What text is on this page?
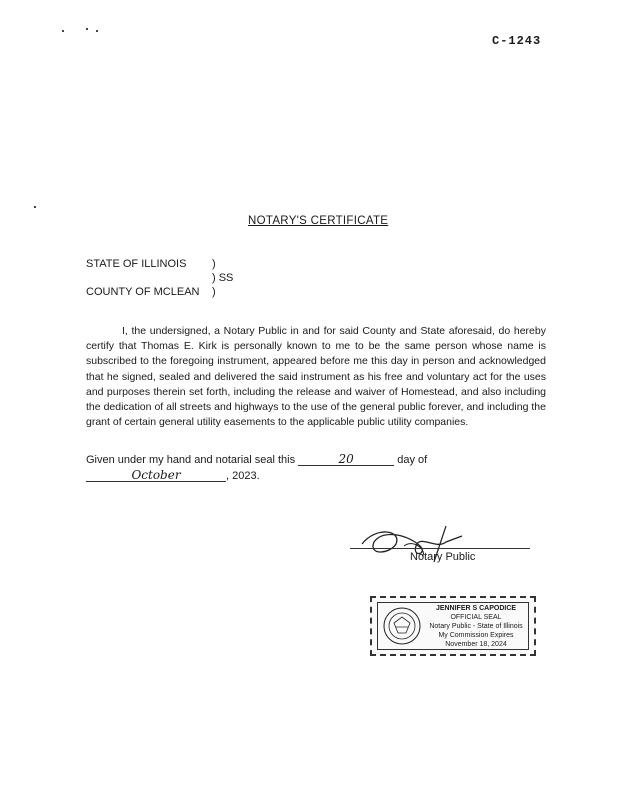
C-1243
NOTARY'S CERTIFICATE
STATE OF ILLINOIS )
) SS
COUNTY OF MCLEAN )
I, the undersigned, a Notary Public in and for said County and State aforesaid, do hereby certify that Thomas E. Kirk is personally known to me to be the same person whose name is subscribed to the foregoing instrument, appeared before me this day in person and acknowledged that he signed, sealed and delivered the said instrument as his free and voluntary act for the uses and purposes therein set forth, including the release and waiver of Homestead, and also including the dedication of all streets and highways to the use of the general public forever, and including the grant of certain general utility easements to the applicable public utility companies.
Given under my hand and notarial seal this	20	day of
October	, 2023.
Notary Public
JENNIFER S CAPODICE
OFFICIAL SEAL
Notary Public - State of Illinois
My Commission Expires
November 18, 2024
